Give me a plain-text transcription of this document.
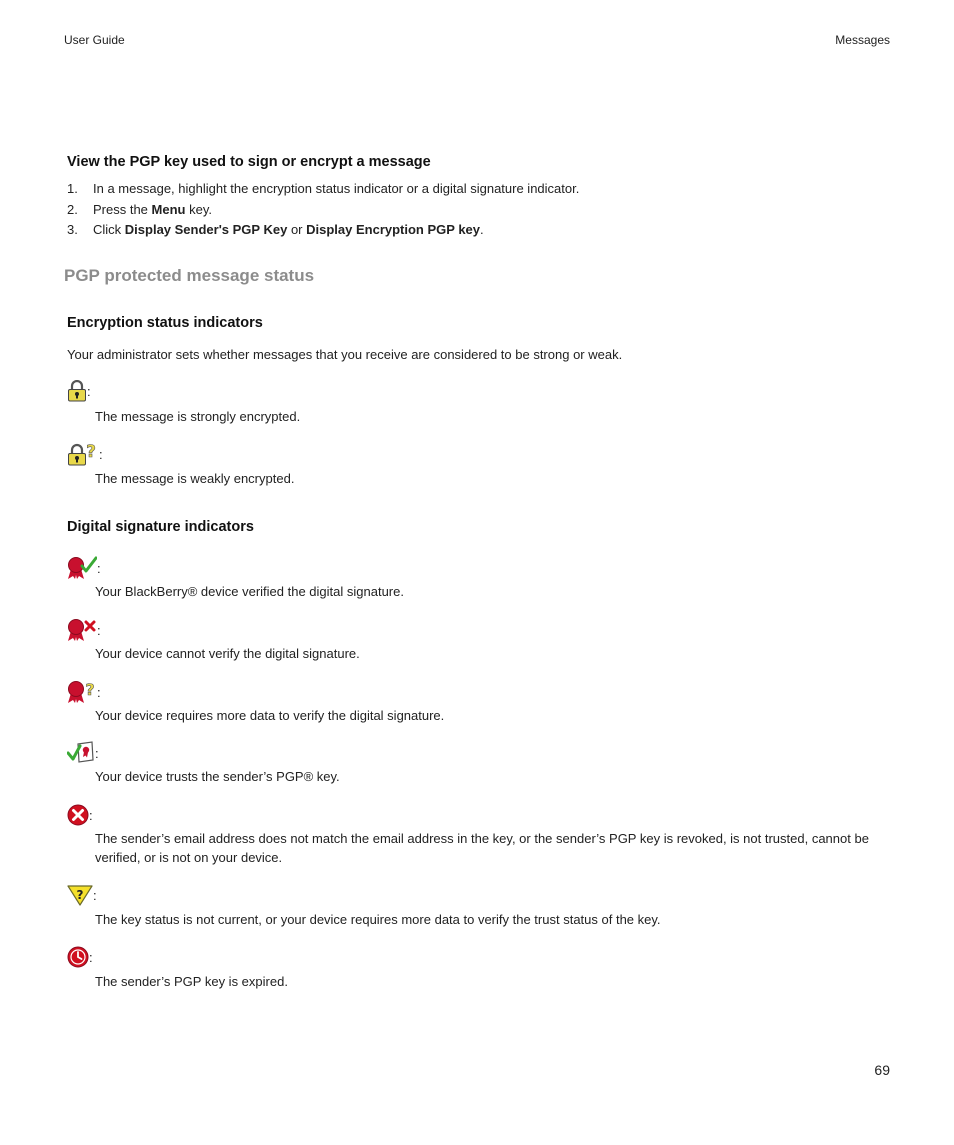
User Guide	Messages
View the PGP key used to sign or encrypt a message
1. In a message, highlight the encryption status indicator or a digital signature indicator.
2. Press the Menu key.
3. Click Display Sender's PGP Key or Display Encryption PGP key.
PGP protected message status
Encryption status indicators
Your administrator sets whether messages that you receive are considered to be strong or weak.
:
The message is strongly encrypted.
? :
The message is weakly encrypted.
Digital signature indicators
:
Your BlackBerry® device verified the digital signature.
:
Your device cannot verify the digital signature.
? :
Your device requires more data to verify the digital signature.
:
Your device trusts the sender’s PGP® key.
:
The sender’s email address does not match the email address in the key, or the sender’s PGP key is revoked, is not trusted, cannot be verified, or is not on your device.
? :
The key status is not current, or your device requires more data to verify the trust status of the key.
:
The sender’s PGP key is expired.
69
